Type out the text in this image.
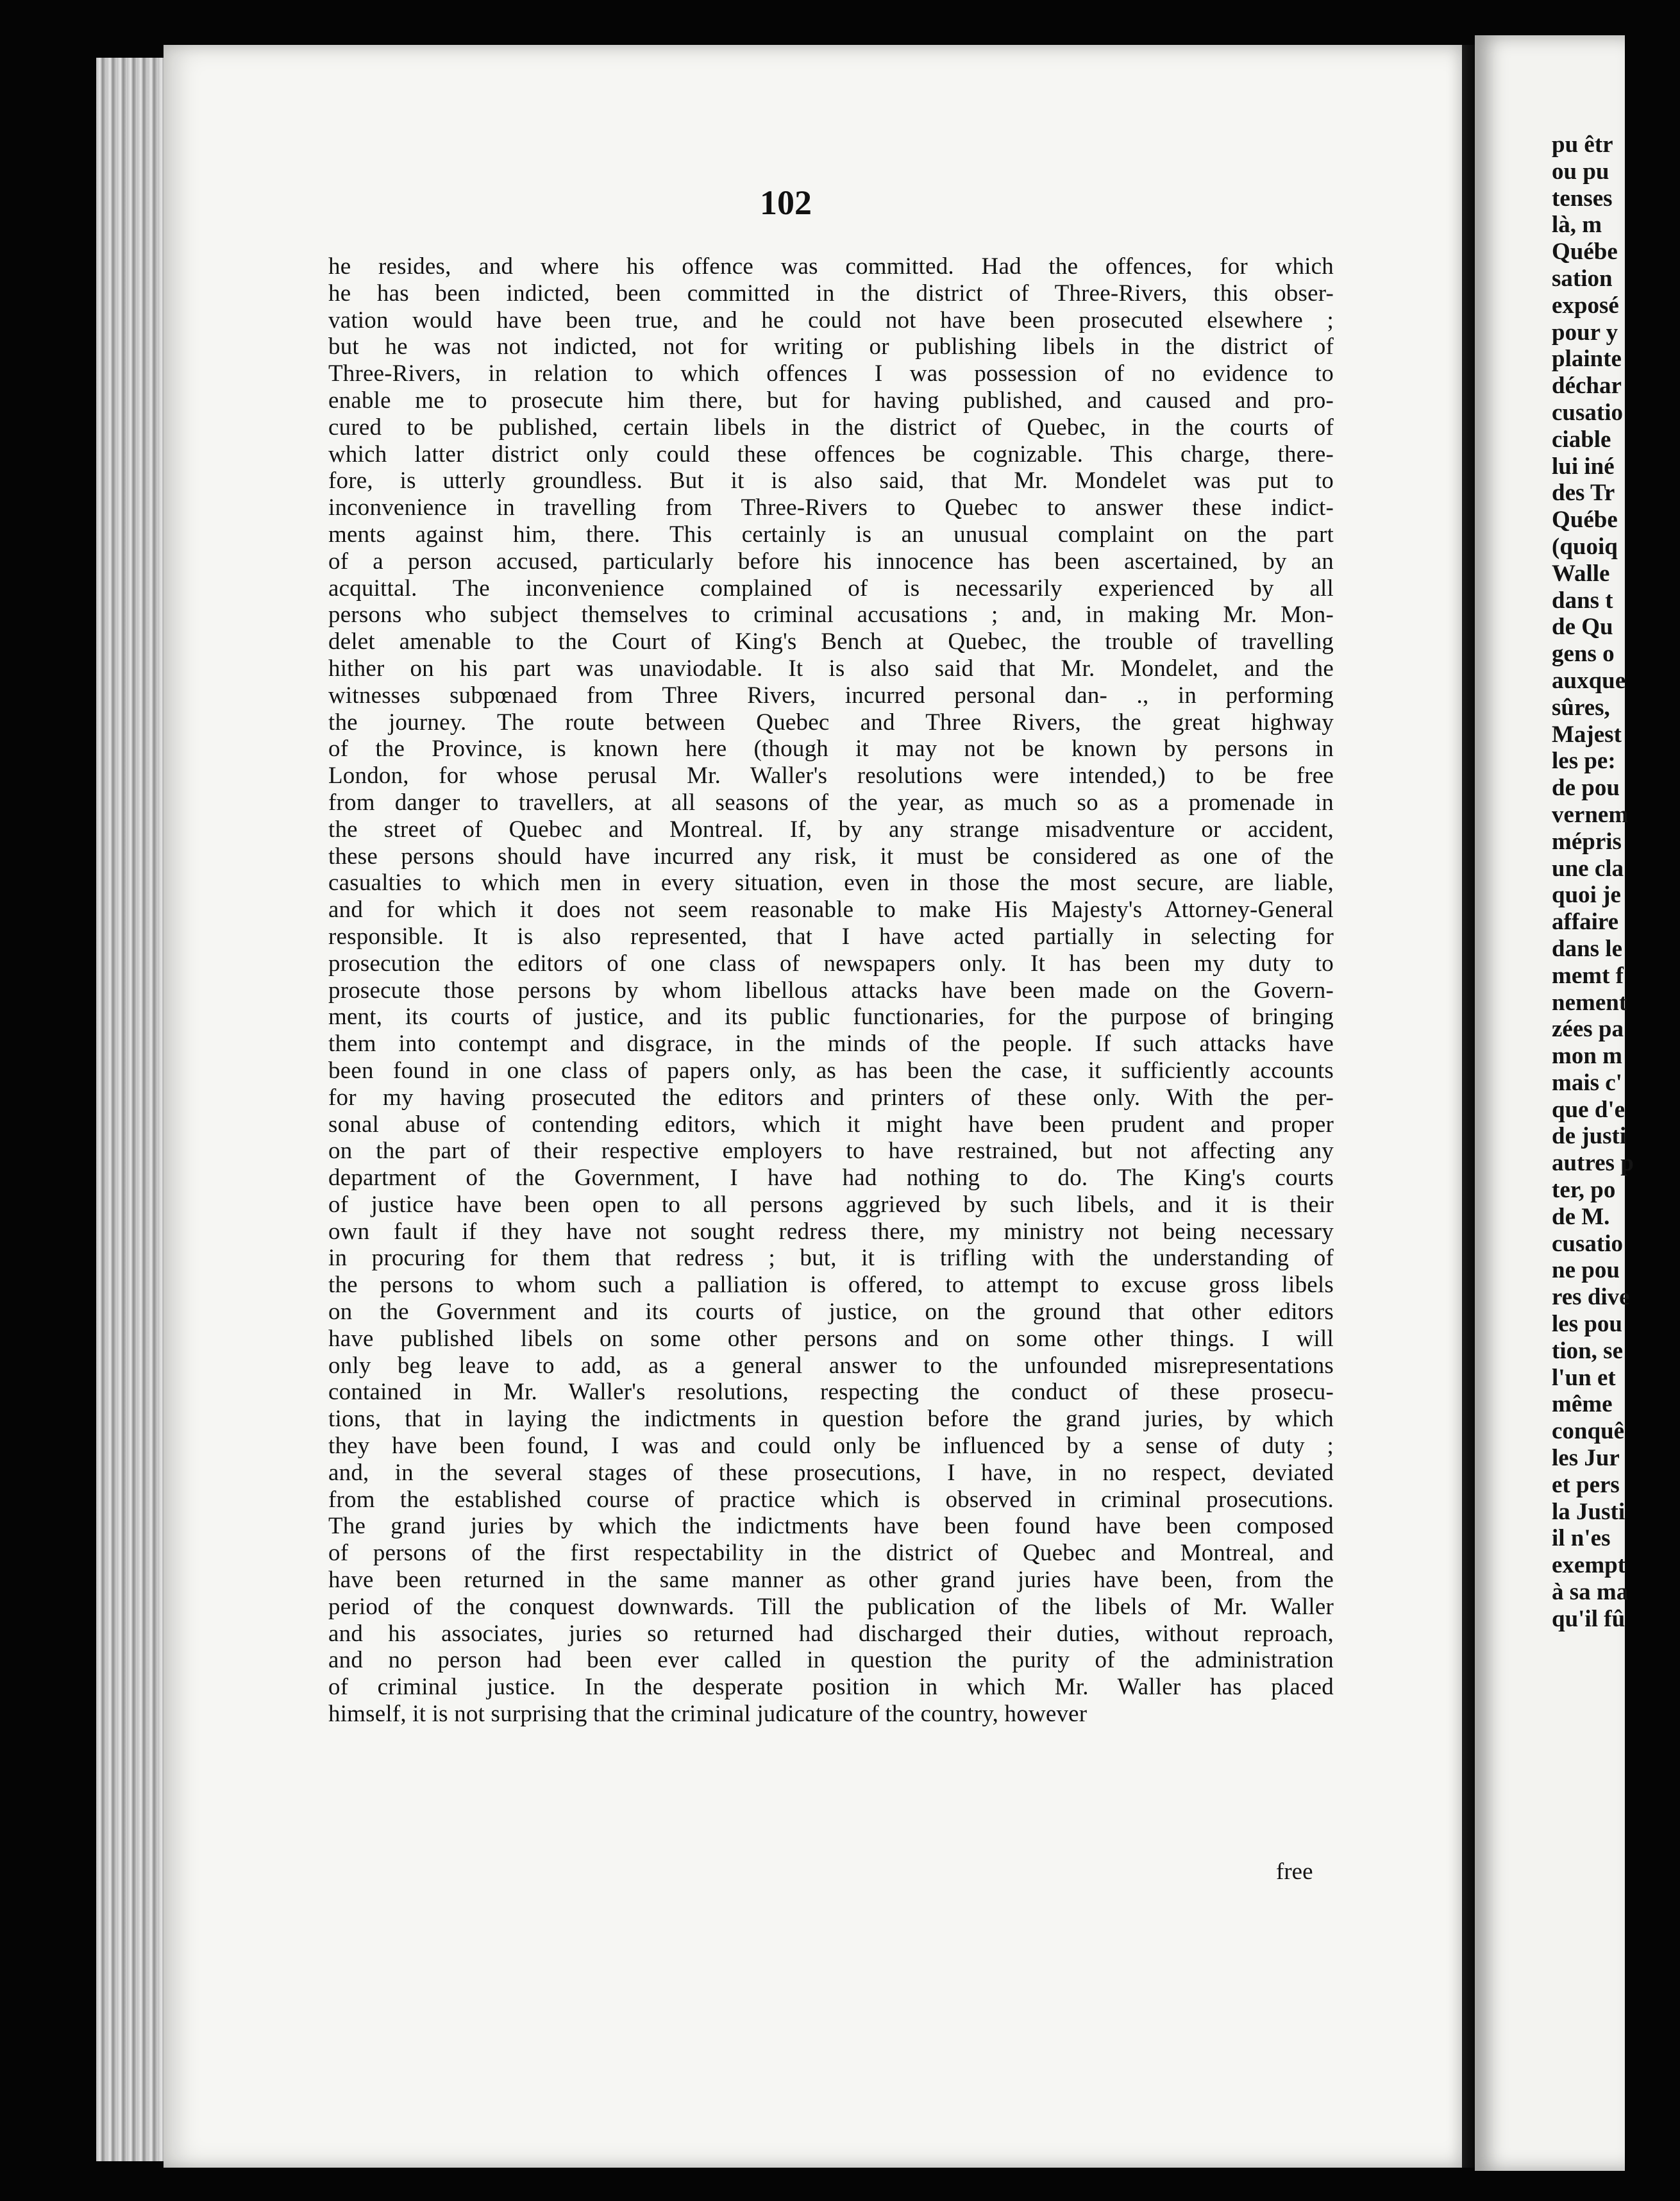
102
he resides, and where his offence was committed. Had the offences, for which
he has been indicted, been committed in the district of Three-Rivers, this obser-
vation would have been true, and he could not have been prosecuted elsewhere ;
but he was not indicted, not for writing or publishing libels in the district of
Three-Rivers, in relation to which offences I was possession of no evidence to
enable me to prosecute him there, but for having published, and caused and pro-
cured to be published, certain libels in the district of Quebec, in the courts of
which latter district only could these offences be cognizable. This charge, there-
fore, is utterly groundless. But it is also said, that Mr. Mondelet was put to
inconvenience in travelling from Three-Rivers to Quebec to answer these indict-
ments against him, there. This certainly is an unusual complaint on the part
of a person accused, particularly before his innocence has been ascertained, by an
acquittal. The inconvenience complained of is necessarily experienced by all
persons who subject themselves to criminal accusations ; and, in making Mr. Mon-
delet amenable to the Court of King's Bench at Quebec, the trouble of travelling
hither on his part was unaviodable. It is also said that Mr. Mondelet, and the
witnesses subpœnaed from Three Rivers, incurred personal dan- ., in performing
the journey. The route between Quebec and Three Rivers, the great highway
of the Province, is known here (though it may not be known by persons in
London, for whose perusal Mr. Waller's resolutions were intended,) to be free
from danger to travellers, at all seasons of the year, as much so as a promenade in
the street of Quebec and Montreal. If, by any strange misadventure or accident,
these persons should have incurred any risk, it must be considered as one of the
casualties to which men in every situation, even in those the most secure, are liable,
and for which it does not seem reasonable to make His Majesty's Attorney-General
responsible. It is also represented, that I have acted partially in selecting for
prosecution the editors of one class of newspapers only. It has been my duty to
prosecute those persons by whom libellous attacks have been made on the Govern-
ment, its courts of justice, and its public functionaries, for the purpose of bringing
them into contempt and disgrace, in the minds of the people. If such attacks have
been found in one class of papers only, as has been the case, it sufficiently accounts
for my having prosecuted the editors and printers of these only. With the per-
sonal abuse of contending editors, which it might have been prudent and proper
on the part of their respective employers to have restrained, but not affecting any
department of the Government, I have had nothing to do. The King's courts
of justice have been open to all persons aggrieved by such libels, and it is their
own fault if they have not sought redress there, my ministry not being necessary
in procuring for them that redress ; but, it is trifling with the understanding of
the persons to whom such a palliation is offered, to attempt to excuse gross libels
on the Government and its courts of justice, on the ground that other editors
have published libels on some other persons and on some other things. I will
only beg leave to add, as a general answer to the unfounded misrepresentations
contained in Mr. Waller's resolutions, respecting the conduct of these prosecu-
tions, that in laying the indictments in question before the grand juries, by which
they have been found, I was and could only be influenced by a sense of duty ;
and, in the several stages of these prosecutions, I have, in no respect, deviated
from the established course of practice which is observed in criminal prosecutions.
The grand juries by which the indictments have been found have been composed
of persons of the first respectability in the district of Quebec and Montreal, and
have been returned in the same manner as other grand juries have been, from the
period of the conquest downwards. Till the publication of the libels of Mr. Waller
and his associates, juries so returned had discharged their duties, without reproach,
and no person had been ever called in question the purity of the administration
of criminal justice. In the desperate position in which Mr. Waller has placed
himself, it is not surprising that the criminal judicature of the country, however
free
pu êtr
ou pu
tenses
là, m
Québe
sation
exposé
pour y
plainte
déchar
cusatio
ciable
lui iné
des Tr
Québe
(quoiq
Walle
dans t
de Qu
gens o
auxque
sûres,
Majest
les pe:
de pou
vernem
mépris
une cla
quoi je
affaire
dans le
memt f
nement
zées pa
mon m
mais c'
que d'e
de justi
autres p
ter, po
de M.
cusatio
ne pou
res dive
les pou
tion, se
l'un et
même
conquê
les Jur
et pers
la Justi
il n'es
exempt
à sa ma
qu'il fû
